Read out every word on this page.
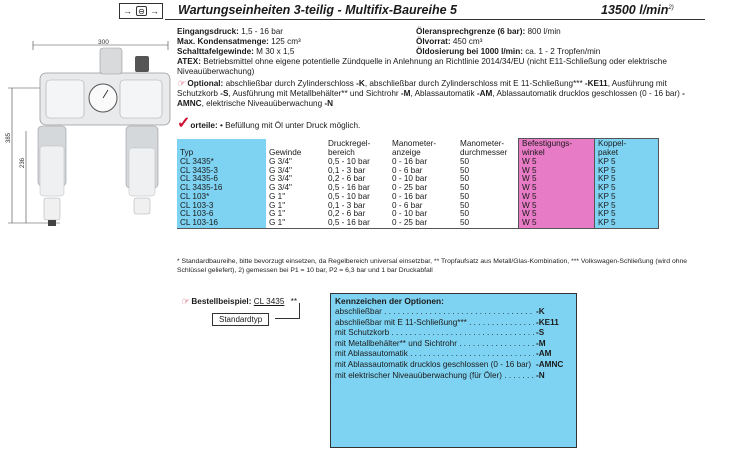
→ ⊖ → Wartungseinheiten 3-teilig - Multifix-Baureihe 5	13500 $l/\min^{2)}$
300
385
236
Eingangsdruck: 1,5 - 16 bar
Max. Kondensatmenge: 125 cm³
Schalttafelgewinde: M 30 x 1,5
Öleransprechgrenze (6 bar): 800 l/min
Ölvorrat: 450 cm³
Öldosierung bei 1000 l/min: ca. 1 - 2 Tropfen/min
ATEX: Betriebsmittel ohne eigene potentielle Zündquelle in Anlehnung an Richtlinie 2014/34/EU (nicht E11-Schließung oder elektrische Niveauüberwachung)
☞ Optional: abschließbar durch Zylinderschloss -K, abschließbar durch Zylinderschloss mit E 11-Schließung*** -KE11, Ausführung mit Schutzkorb -S, Ausführung mit Metallbehälter** und Sichtrohr -M, Ablassautomatik -AM, Ablassautomatik drucklos geschlossen (0 - 16 bar) -AMNC, elektrische Niveauüberwachung -N
✓orteile: • Befüllung mit Öl unter Druck möglich.
		Druckregel-	Manometer-	Manometer-		Befestigungs-	Koppel-
Typ	Gewinde	bereich	anzeige	durchmesser		winkel	paket
CL 3435*	G 3/4"	0,5 - 10 bar	0 - 16 bar	50		W 5	KP 5
CL 3435-3	G 3/4"	0,1 - 3 bar	0 - 6 bar	50		W 5	KP 5
CL 3435-6	G 3/4"	0,2 - 6 bar	0 - 10 bar	50		W 5	KP 5
CL 3435-16	G 3/4"	0,5 - 16 bar	0 - 25 bar	50		W 5	KP 5
CL 103*	G 1"	0,5 - 10 bar	0 - 16 bar	50		W 5	KP 5
CL 103-3	G 1"	0,1 - 3 bar	0 - 6 bar	50		W 5	KP 5
CL 103-6	G 1"	0,2 - 6 bar	0 - 10 bar	50		W 5	KP 5
CL 103-16	G 1"	0,5 - 16 bar	0 - 25 bar	50		W 5	KP 5
* Standardbaureihe, bitte bevorzugt einsetzen, da Regelbereich universal einsetzbar, ** Tropfaufsatz aus Metall/Glas-Kombination, *** Volkswagen-Schließung (wird ohne Schlüssel geliefert), 2) gemessen bei P1 = 10 bar, P2 = 6,3 bar und 1 bar Druckabfall
☞ Bestellbeispiel: CL 3435 **
Standardtyp
Kennzeichen der Optionen:
abschließbar . . .	-K
abschließbar mit E 11-Schließung*** . . .	-KE11
mit Schutzkorb . . .	-S
mit Metallbehälter** und Sichtrohr . . .	-M
mit Ablassautomatik . . .	-AM
mit Ablassautomatik drucklos geschlossen (0 - 16 bar) . . . -AMNC
mit elektrischer Niveauüberwachung (für Öler) . . .	-N
